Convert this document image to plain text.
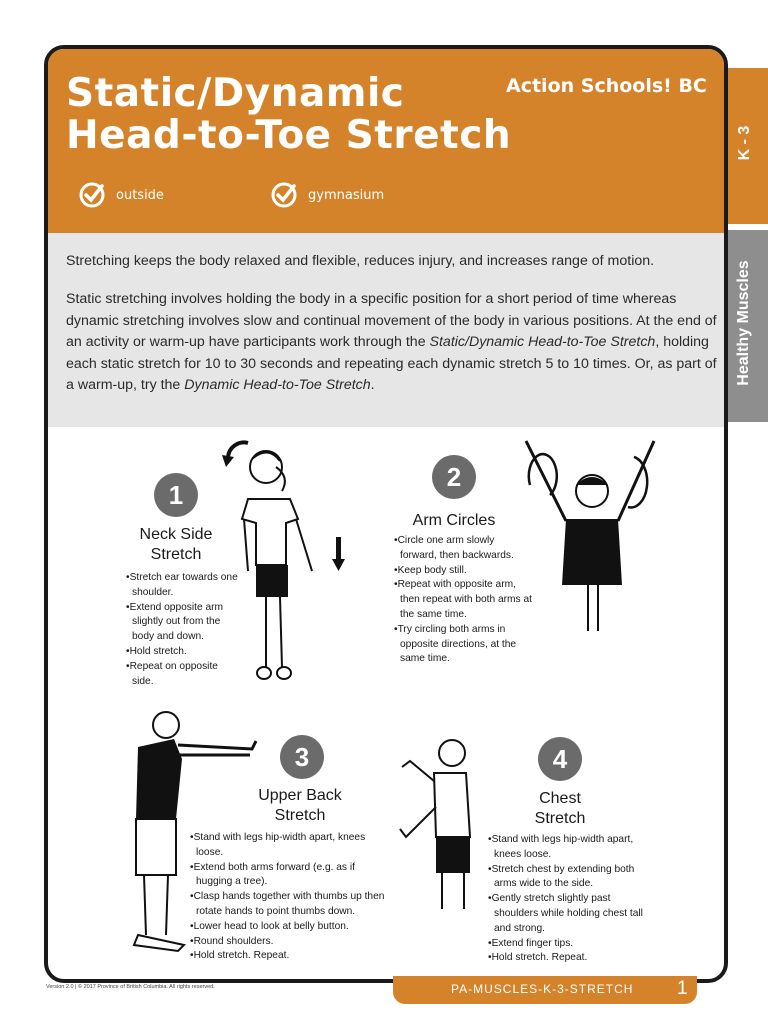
K - 3
Healthy Muscles
Static/Dynamic
Head-to-Toe Stretch
Action Schools! BC
outside	gymnasium

Stretching keeps the body relaxed and flexible, reduces injury, and increases range of motion.

Static stretching involves holding the body in a specific position for a short period of time whereas dynamic stretching involves slow and continual movement of the body in various positions. At the end of an activity or warm-up have participants work through the Static/Dynamic Head-to-Toe Stretch, holding each static stretch for 10 to 30 seconds and repeating each dynamic stretch 5 to 10 times. Or, as part of a warm-up, try the Dynamic Head-to-Toe Stretch.

1
Neck Side
Stretch
• Stretch ear towards one shoulder.
• Extend opposite arm slightly out from the body and down.
• Hold stretch.
• Repeat on opposite side.
2
Arm Circles
• Circle one arm slowly forward, then backwards.
• Keep body still.
• Repeat with opposite arm, then repeat with both arms at the same time.
• Try circling both arms in opposite directions, at the same time.
3
Upper Back
Stretch
• Stand with legs hip-width apart, knees loose.
• Extend both arms forward (e.g. as if hugging a tree).
• Clasp hands together with thumbs up then rotate hands to point thumbs down.
• Lower head to look at belly button.
• Round shoulders.
• Hold stretch. Repeat.
4
Chest
Stretch
• Stand with legs hip-width apart, knees loose.
• Stretch chest by extending both arms wide to the side.
• Gently stretch slightly past shoulders while holding chest tall and strong.
• Extend finger tips.
• Hold stretch. Repeat.
Version 2.0 | © 2017 Province of British Columbia. All rights reserved.	PA-MUSCLES-K-3-STRETCH 1
